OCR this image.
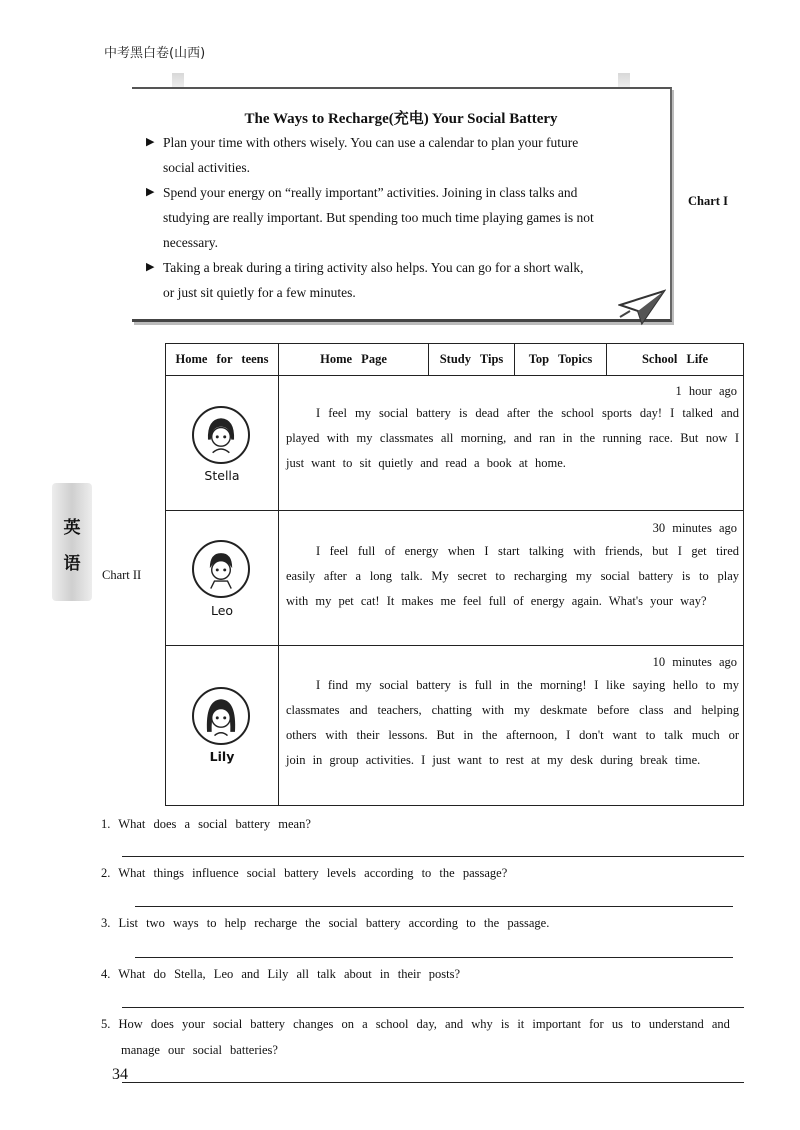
中考黑白卷(山西)
The Ways to Recharge(充电) Your Social Battery
▶ Plan your time with others wisely. You can use a calendar to plan your future
social activities.
▶ Spend your energy on “really important” activities. Joining in class talks and
studying are really important. But spending too much time playing games is not
necessary.
▶ Taking a break during a tiring activity also helps. You can go for a short walk,
or just sit quietly for a few minutes.
Chart I
英
语
Chart II
Home for teens	Home Page	Study Tips	Top Topics	School Life
Stella
1 hour ago
I feel my social battery is dead after the school sports day! I talked and played with my classmates all morning, and ran in the running race. But now I just want to sit quietly and read a book at home.
Leo
30 minutes ago
I feel full of energy when I start talking with friends, but I get tired easily after a long talk. My secret to recharging my social battery is to play with my pet cat! It makes me feel full of energy again. What's your way?
Lily
10 minutes ago
I find my social battery is full in the morning! I like saying hello to my classmates and teachers, chatting with my deskmate before class and helping others with their lessons. But in the afternoon, I don't want to talk much or join in group activities. I just want to rest at my desk during break time.
1. What does a social battery mean?
2. What things influence social battery levels according to the passage?
3. List two ways to help recharge the social battery according to the passage.
4. What do Stella, Leo and Lily all talk about in their posts?
5. How does your social battery changes on a school day, and why is it important for us to understand and
manage our social batteries?
34
